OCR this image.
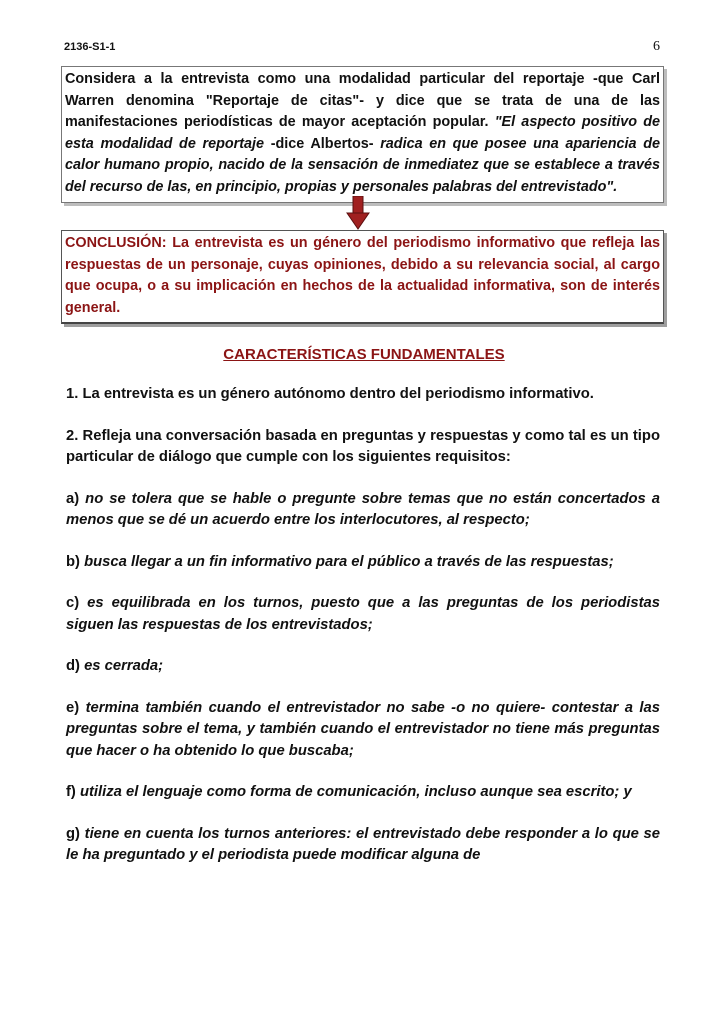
2136-S1-1	6

Considera a la entrevista como una modalidad particular del reportaje -que Carl Warren denomina "Reportaje de citas"- y dice que se trata de una de las manifestaciones periodísticas de mayor aceptación popular. "El aspecto positivo de esta modalidad de reportaje -dice Albertos- radica en que posee una apariencia de calor humano propio, nacido de la sensación de inmediatez que se establece a través del recurso de las, en principio, propias y personales palabras del entrevistado".

CONCLUSIÓN: La entrevista es un género del periodismo informativo que refleja las respuestas de un personaje, cuyas opiniones, debido a su relevancia social, al cargo que ocupa, o a su implicación en hechos de la actualidad informativa, son de interés general.

CARACTERÍSTICAS FUNDAMENTALES

1. La entrevista es un género autónomo dentro del periodismo informativo.

2. Refleja una conversación basada en preguntas y respuestas y como tal es un tipo particular de diálogo que cumple con los siguientes requisitos:

a) no se tolera que se hable o pregunte sobre temas que no están concertados a menos que se dé un acuerdo entre los interlocutores, al respecto;

b) busca llegar a un fin informativo para el público a través de las respuestas;

c) es equilibrada en los turnos, puesto que a las preguntas de los periodistas siguen las respuestas de los entrevistados;

d) es cerrada;

e) termina también cuando el entrevistador no sabe -o no quiere- contestar a las preguntas sobre el tema, y también cuando el entrevistador no tiene más preguntas que hacer o ha obtenido lo que buscaba;

f) utiliza el lenguaje como forma de comunicación, incluso aunque sea escrito; y

g) tiene en cuenta los turnos anteriores: el entrevistado debe responder a lo que se le ha preguntado y el periodista puede modificar alguna de
